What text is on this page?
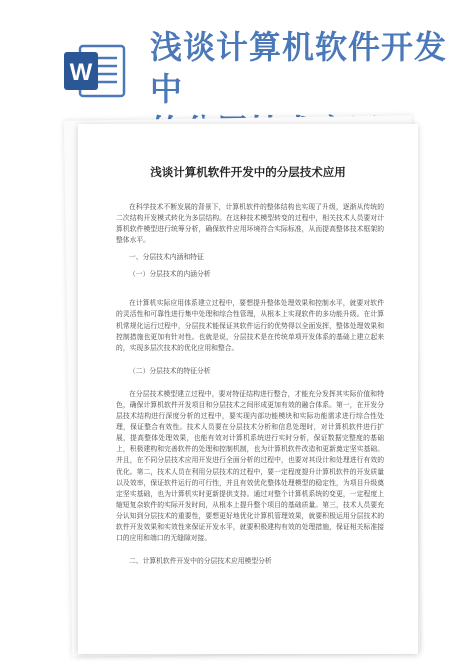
W
浅谈计算机软件开发中
浅谈计算机软件开发中的分层技术应用

在科学技术不断发展的背景下，计算机软件的整体结构也实现了升级，逐渐从传统的二次结构开发模式转化为多层结构。在这种技术模型转变的过程中，相关技术人员要对计算机软件模型进行统筹分析，确保软件应用环境符合实际标准，从而提高整体技术框架的整体水平。

一、分层技术内涵和特征

（一）分层技术的内涵分析

在计算机实际应用体系建立过程中，要想提升整体处理效果和控制水平，就要对软件的灵活性和可靠性进行集中处理和综合性管理，从根本上实现软件的多功能升级。在计算机常规化运行过程中，分层技术能保证其软件运行的优势得以全面发挥，整体处理效果和控制措施也更加有针对性。也就是说，分层技术是在传统单项开发体系的基础上建立起来的，实现多层次技术的优化应用和整合。

（二）分层技术的特征分析

在分层技术模型建立过程中，要对特征结构进行整合，才能充分发挥其实际价值和特色，确保计算机软件开发项目和分层技术之间形成更加有效的融合体系。第一，在开发分层技术结构进行深度分析的过程中，要实现内部功能模块和实际功能需求进行综合性处理，保证整合有效性。技术人员要在分层技术分析和信息处理时，对计算机软件进行扩展，提高整体处理效果，也能有效对计算机系统进行实时分析，保证数据完整度的基础上，积极建构和完善软件的处理和控制机制，也为计算机软件改造和更新奠定坚实基础。并且，在不同分层技术应用开发进行全面分析的过程中，也要对其设计和处理进行有效的优化。第二，技术人员在利用分层技术的过程中，要一定程度提升计算机软件的开发质量以及效率，保证软件运行的可行性，并且有效优化整体处理模型的稳定性，为项目升级奠定坚实基础，也为计算机实时更新提供支持。通过对整个计算机系统的变更，一定程度上缩短复杂软件的实际开发时间，从根本上提升整个项目的基础质量。第三，技术人员要充分认知到分层技术的重要性，要想更好地优化计算机管理效果，就要积极运用分层技术的软件开发效果和实效性来保证开发水平，就要积极建构有效的处理措施，保证相关标准接口的应用和端口的无缝隙对接。

二、计算机软件开发中的分层技术应用模型分析
